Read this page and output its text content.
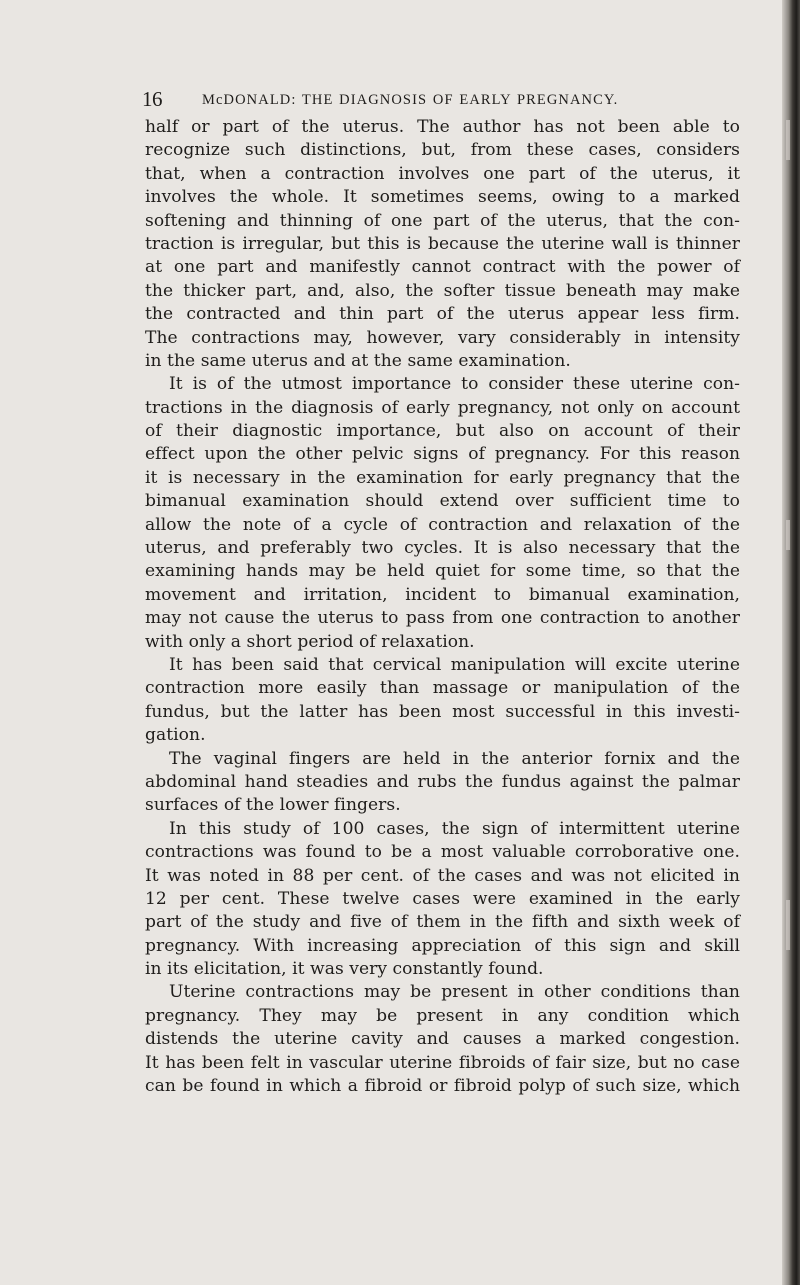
16	McDONALD: THE DIAGNOSIS OF EARLY PREGNANCY.
half or part of the uterus. The author has not been able to
recognize such distinctions, but, from these cases, considers
that, when a contraction involves one part of the uterus, it
involves the whole. It sometimes seems, owing to a marked
softening and thinning of one part of the uterus, that the con-
traction is irregular, but this is because the uterine wall is thinner
at one part and manifestly cannot contract with the power of
the thicker part, and, also, the softer tissue beneath may make
the contracted and thin part of the uterus appear less firm.
The contractions may, however, vary considerably in intensity
in the same uterus and at the same examination.
It is of the utmost importance to consider these uterine con-
tractions in the diagnosis of early pregnancy, not only on account
of their diagnostic importance, but also on account of their
effect upon the other pelvic signs of pregnancy. For this reason
it is necessary in the examination for early pregnancy that the
bimanual examination should extend over sufficient time to
allow the note of a cycle of contraction and relaxation of the
uterus, and preferably two cycles. It is also necessary that the
examining hands may be held quiet for some time, so that the
movement and irritation, incident to bimanual examination,
may not cause the uterus to pass from one contraction to another
with only a short period of relaxation.
It has been said that cervical manipulation will excite uterine
contraction more easily than massage or manipulation of the
fundus, but the latter has been most successful in this investi-
gation.
The vaginal fingers are held in the anterior fornix and the
abdominal hand steadies and rubs the fundus against the palmar
surfaces of the lower fingers.
In this study of 100 cases, the sign of intermittent uterine
contractions was found to be a most valuable corroborative one.
It was noted in 88 per cent. of the cases and was not elicited in
12 per cent. These twelve cases were examined in the early
part of the study and five of them in the fifth and sixth week of
pregnancy. With increasing appreciation of this sign and skill
in its elicitation, it was very constantly found.
Uterine contractions may be present in other conditions than
pregnancy. They may be present in any condition which
distends the uterine cavity and causes a marked congestion.
It has been felt in vascular uterine fibroids of fair size, but no case
can be found in which a fibroid or fibroid polyp of such size, which
